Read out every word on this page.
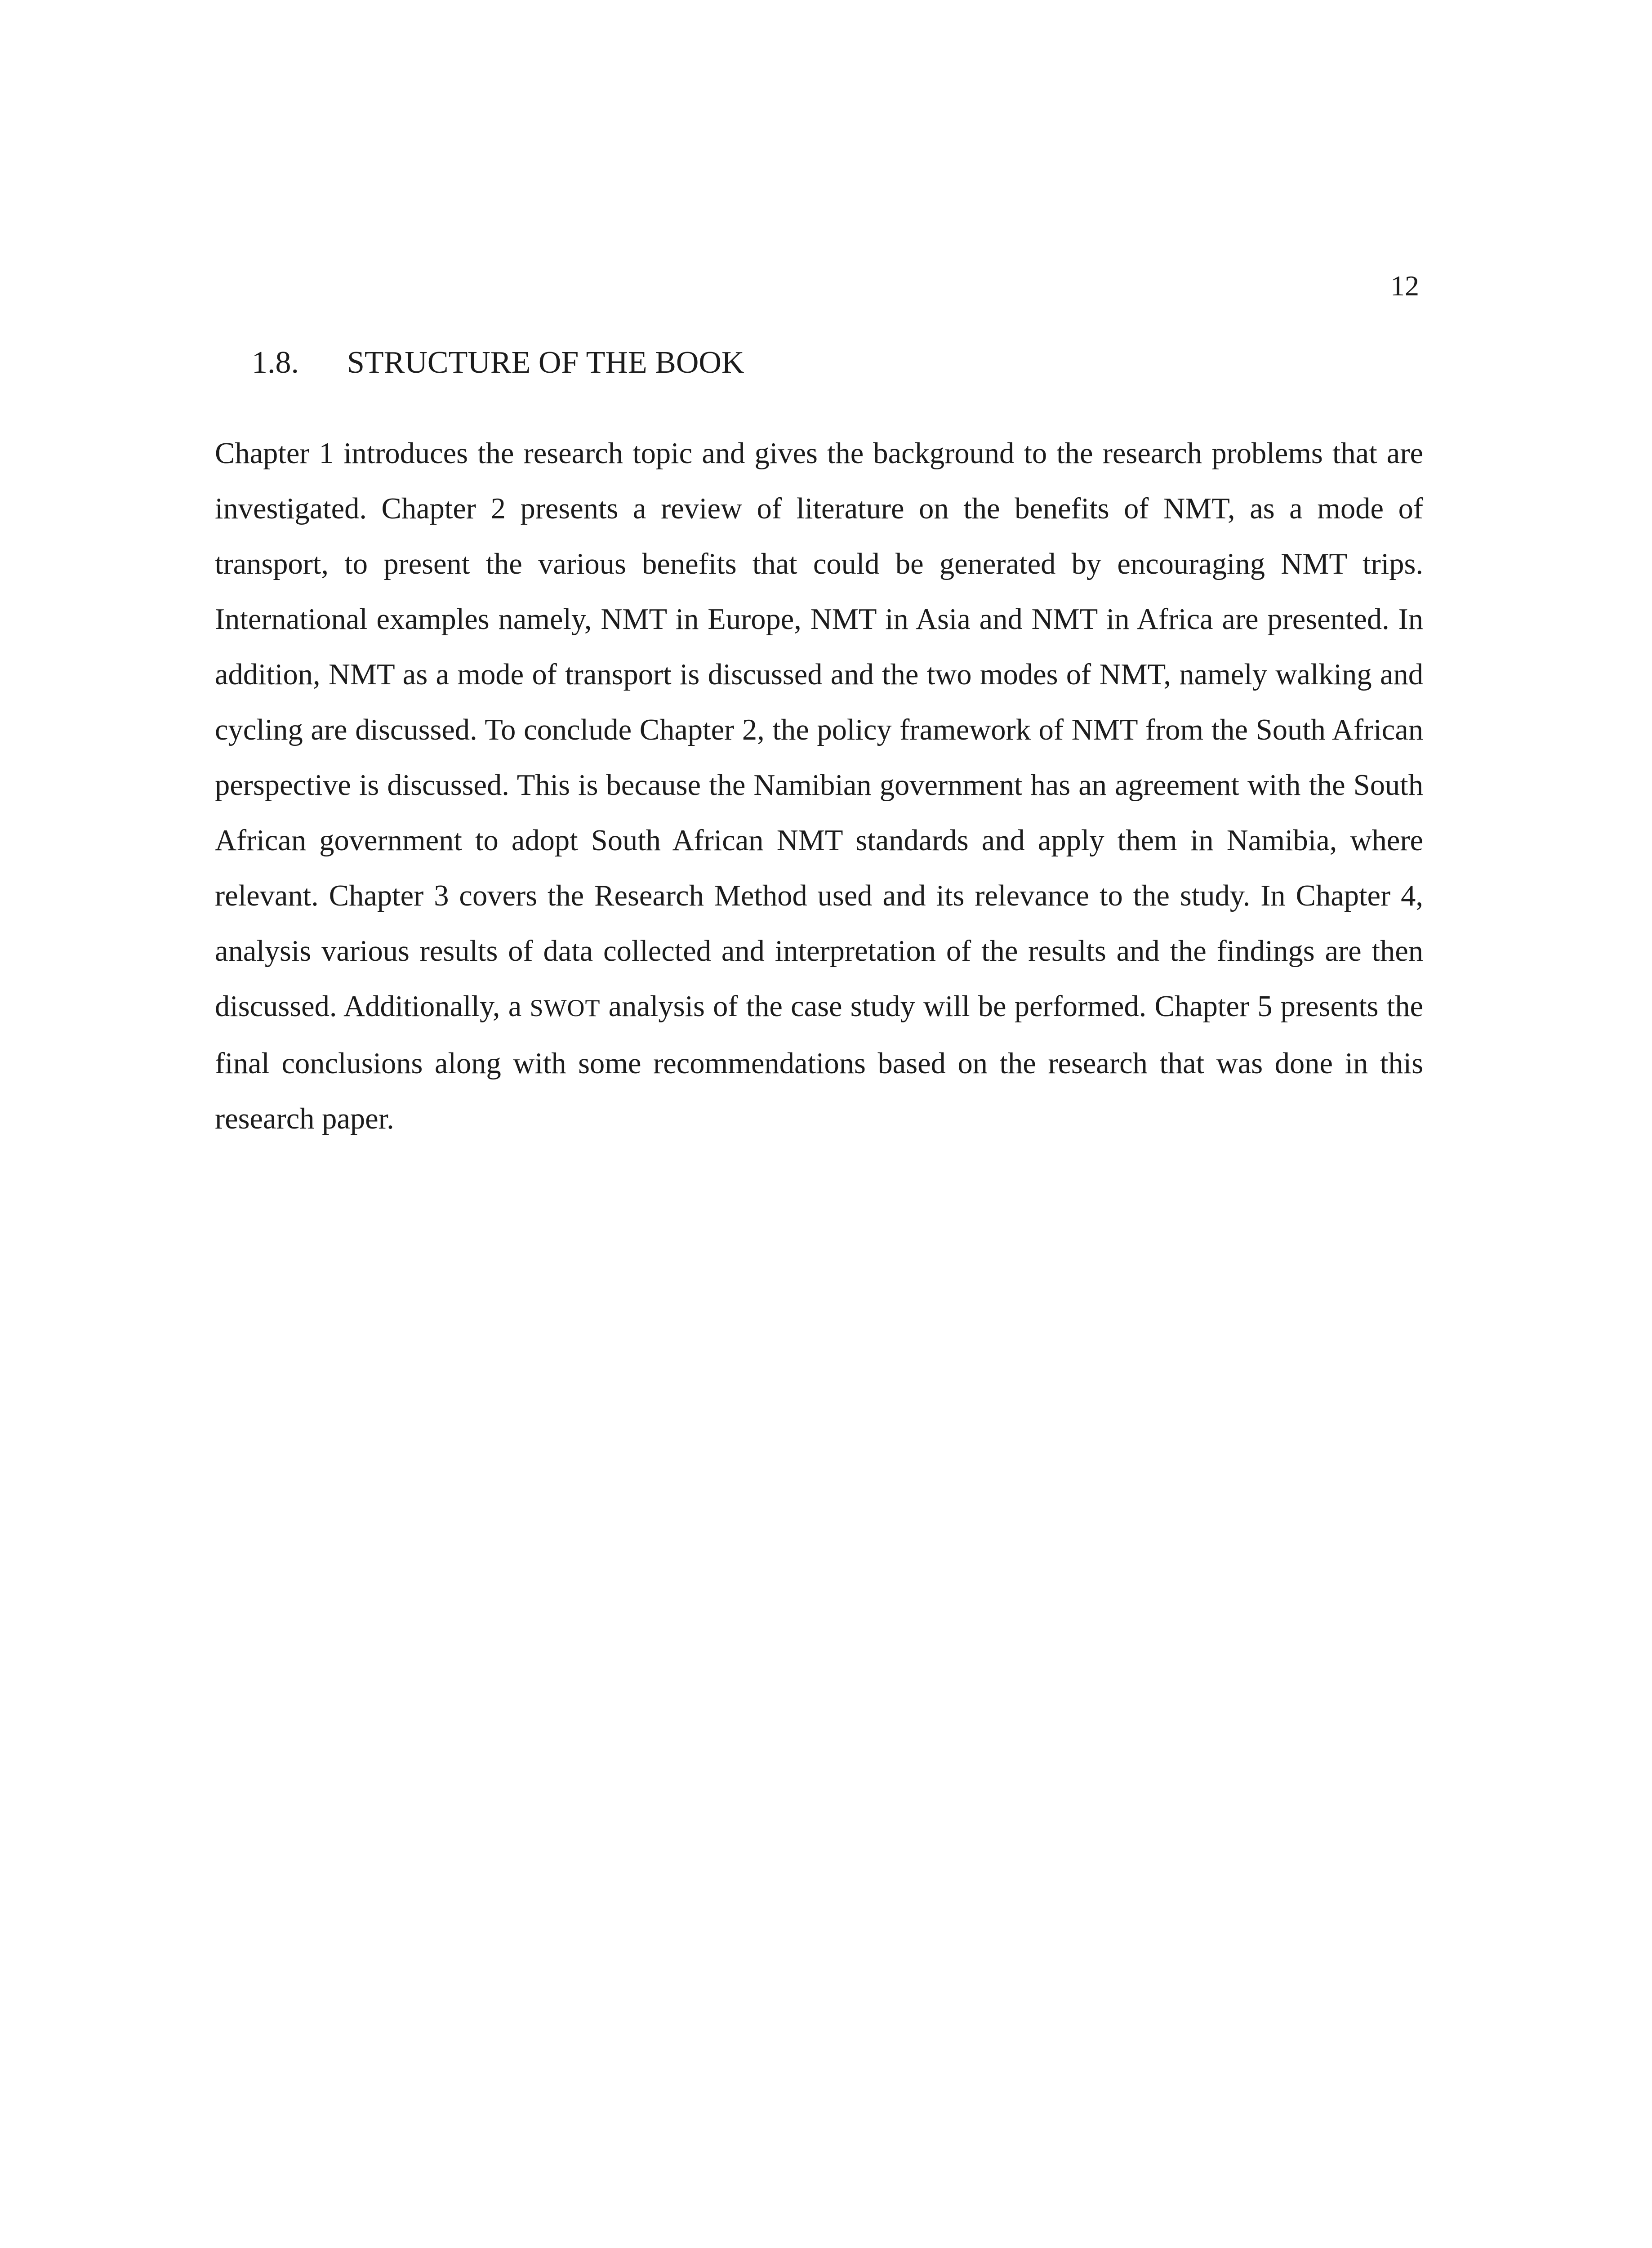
12
1.8. STRUCTURE OF THE BOOK

Chapter 1 introduces the research topic and gives the background to the research problems that are investigated. Chapter 2 presents a review of literature on the benefits of NMT, as a mode of transport, to present the various benefits that could be generated by encouraging NMT trips. International examples namely, NMT in Europe, NMT in Asia and NMT in Africa are presented. In addition, NMT as a mode of transport is discussed and the two modes of NMT, namely walking and cycling are discussed. To conclude Chapter 2, the policy framework of NMT from the South African perspective is discussed. This is because the Namibian government has an agreement with the South African government to adopt South African NMT standards and apply them in Namibia, where relevant. Chapter 3 covers the Research Method used and its relevance to the study. In Chapter 4, analysis various results of data collected and interpretation of the results and the findings are then discussed. Additionally, a SWOT analysis of the case study will be performed. Chapter 5 presents the final conclusions along with some recommendations based on the research that was done in this research paper.
